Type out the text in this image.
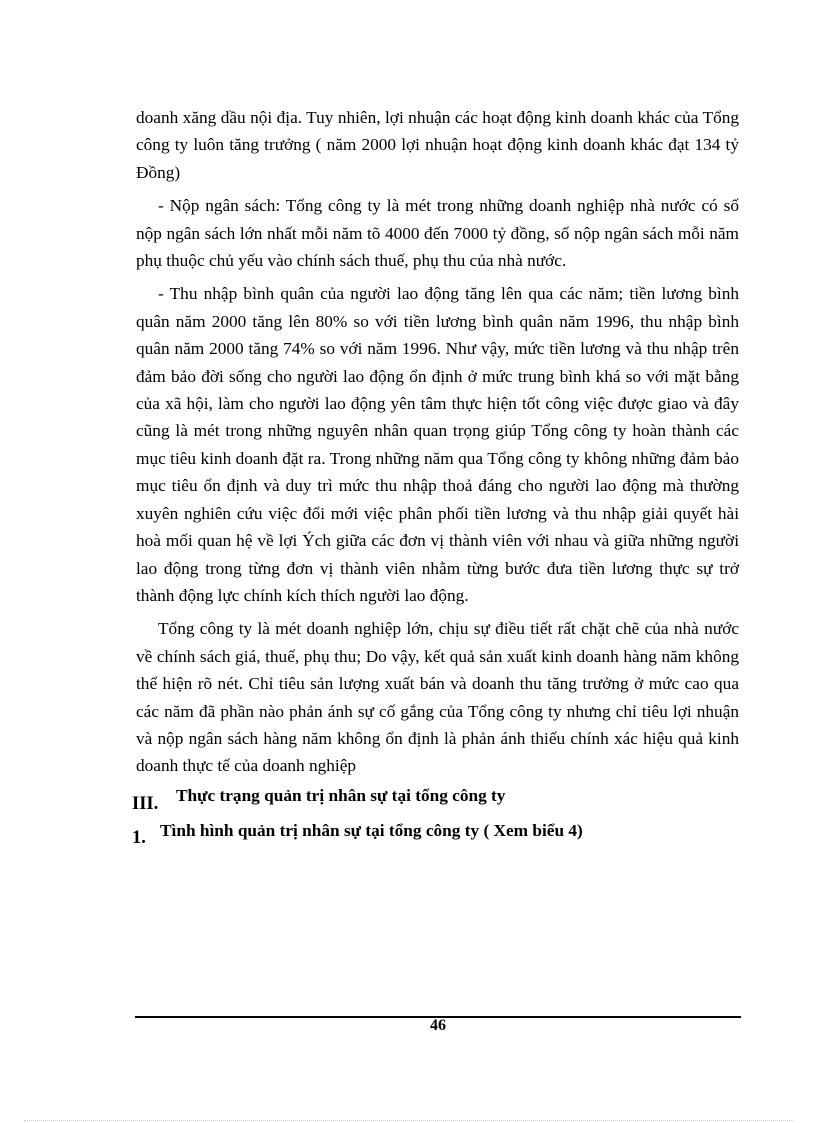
doanh xăng dầu nội địa. Tuy nhiên, lợi nhuận các hoạt động kinh doanh khác của Tổng công ty luôn tăng trưởng ( năm 2000 lợi nhuận hoạt động kinh doanh khác đạt 134 tỷ Đồng)

- Nộp ngân sách: Tổng công ty là mét trong những doanh nghiệp nhà nước có số nộp ngân sách lớn nhất mỗi năm tõ 4000 đến 7000 tỷ đồng, số nộp ngân sách mỗi năm phụ thuộc chủ yếu vào chính sách thuế, phụ thu của nhà nước.

- Thu nhập bình quân của người lao động tăng lên qua các năm; tiền lương bình quân năm 2000 tăng lên 80% so với tiền lương bình quân năm 1996, thu nhập bình quân năm 2000 tăng 74% so với năm 1996. Như vậy, mức tiền lương và thu nhập trên đảm bảo đời sống cho người lao động ổn định ở mức trung bình khá so với mặt bằng của xã hội, làm cho người lao động yên tâm thực hiện tốt công việc được giao và đây cũng là mét trong những nguyên nhân quan trọng giúp Tổng công ty hoàn thành các mục tiêu kinh doanh đặt ra. Trong những năm qua Tổng công ty không những đảm bảo mục tiêu ổn định và duy trì mức thu nhập thoả đáng cho người lao động mà thường xuyên nghiên cứu việc đổi mới việc phân phối tiền lương và thu nhập giải quyết hài hoà mối quan hệ về lợi Ých giữa các đơn vị thành viên với nhau và giữa những người lao động trong từng đơn vị thành viên nhằm từng bước đưa tiền lương thực sự trở thành động lực chính kích thích người lao động.

Tổng công ty là mét doanh nghiệp lớn, chịu sự điều tiết rất chặt chẽ của nhà nước về chính sách giá, thuế, phụ thu; Do vậy, kết quả sản xuất kinh doanh hàng năm không thể hiện rõ nét. Chỉ tiêu sản lượng xuất bán và doanh thu tăng trưởng ở mức cao qua các năm đã phần nào phản ánh sự cố gắng của Tổng công ty nhưng chỉ tiêu lợi nhuận và nộp ngân sách hàng năm không ổn định là phản ánh thiếu chính xác hiệu quả kinh doanh thực tế của doanh nghiệp

III. Thực trạng quản trị nhân sự tại tổng công ty
1. Tình hình quản trị nhân sự tại tổng công ty ( Xem biểu 4)
46
